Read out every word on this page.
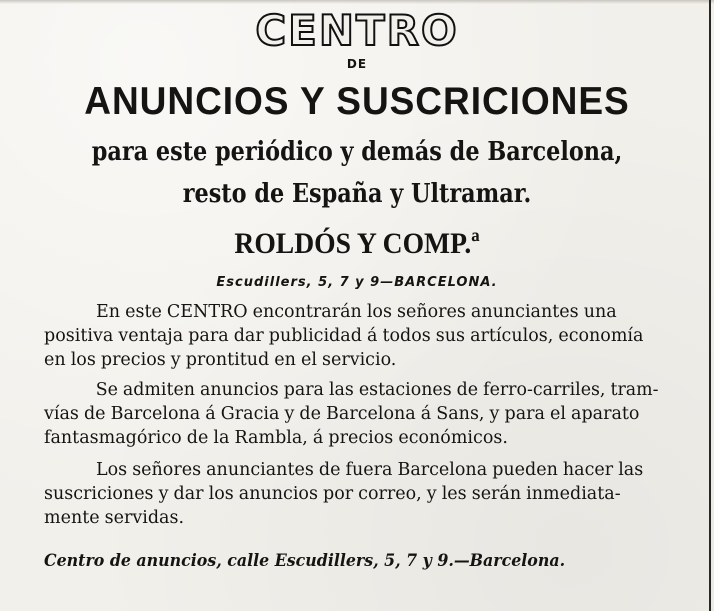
CENTRO
DE
ANUNCIOS Y SUSCRICIONES
para este periódico y demás de Barcelona,
resto de España y Ultramar.
ROLDÓS Y COMP.ª
Escudillers, 5, 7 y 9—BARCELONA.
En este CENTRO encontrarán los señores anunciantes una
positiva ventaja para dar publicidad á todos sus artículos, economía
en los precios y prontitud en el servicio.
Se admiten anuncios para las estaciones de ferro-carriles, tram-
vías de Barcelona á Gracia y de Barcelona á Sans, y para el aparato
fantasmagórico de la Rambla, á precios económicos.
Los señores anunciantes de fuera Barcelona pueden hacer las
suscriciones y dar los anuncios por correo, y les serán inmediata-
mente servidas.
Centro de anuncios, calle Escudillers, 5, 7 y 9.—Barcelona.
